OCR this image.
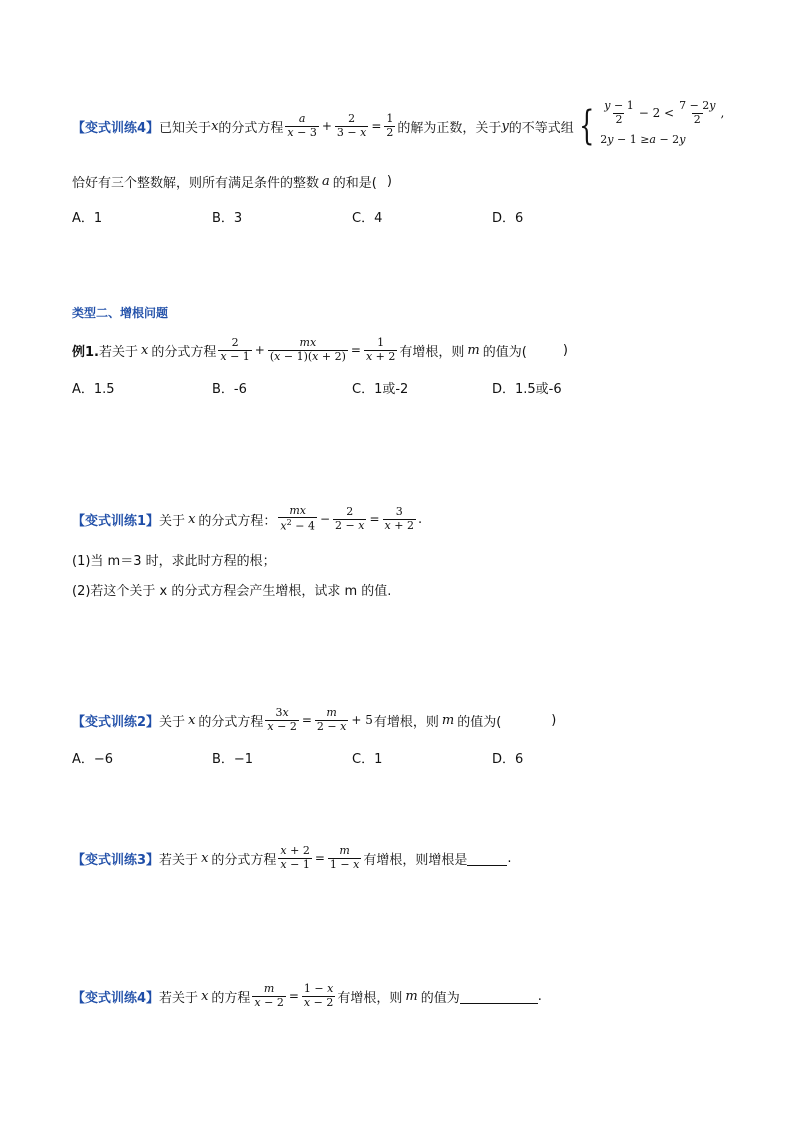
【变式训练4】 已知关于 x 的分式方程 $\frac{a}{x - 3} + \frac{2}{3 - x} = \frac{1}{2}$ 的解为正数，关于 y 的不等式组 { $\frac{y - 1}{2} - 2 < \frac{7 - 2y}{2}$ ,
2 y − 1 ≥ a − 2 y
恰好有三个整数解，则所有满足条件的整数 a 的和是( )
A．1	B．3	C．4	D．6
类型二、增根问题
例1. 若关于 x 的分式方程 $\frac{2}{x - 1} + \frac{mx}{(x - 1)(x + 2)} = \frac{1}{x + 2}$ 有增根，则 m 的值为(	)
A．1.5	B．-6	C．1或-2	D．1.5或-6
【变式训练1】 关于 x 的分式方程： $\frac{mx}{x^2 - 4} - \frac{2}{2 - x} = \frac{3}{x + 2}$ .
(1)当 m＝3 时，求此时方程的根；
(2)若这个关于 x 的分式方程会产生增根，试求 m 的值.
【变式训练2】 关于 x 的分式方程 $\frac{3x}{x - 2} = \frac{m}{2 - x} + 5$ 有增根，则 m 的值为(	)
A．−6	B．−1	C．1	D．6
【变式训练3】 若关于 x 的分式方程 $\frac{x + 2}{x - 1} = \frac{m}{1 - x}$ 有增根，则增根是	.
【变式训练4】 若关于 x 的方程 $\frac{m}{x - 2} = \frac{1 - x}{x - 2}$ 有增根，则 m 的值为	.
